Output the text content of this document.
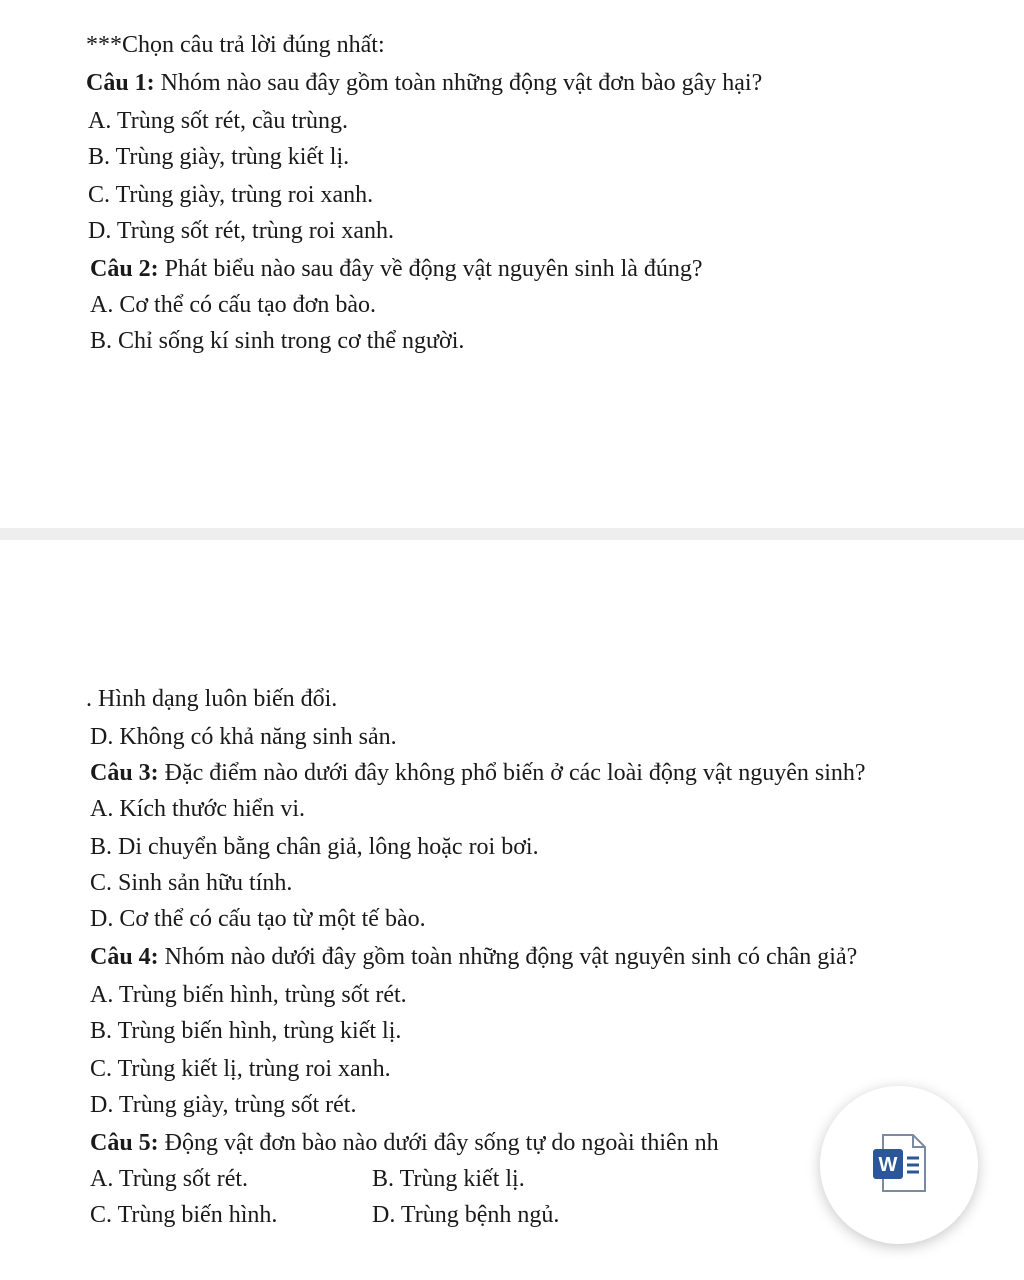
***Chọn câu trả lời đúng nhất:
Câu 1: Nhóm nào sau đây gồm toàn những động vật đơn bào gây hại?
A. Trùng sốt rét, cầu trùng.
B. Trùng giày, trùng kiết lị.
C. Trùng giày, trùng roi xanh.
D. Trùng sốt rét, trùng roi xanh.
Câu 2: Phát biểu nào sau đây về động vật nguyên sinh là đúng?
A. Cơ thể có cấu tạo đơn bào.
B. Chỉ sống kí sinh trong cơ thể người.
. Hình dạng luôn biến đổi.
D. Không có khả năng sinh sản.
Câu 3: Đặc điểm nào dưới đây không phổ biến ở các loài động vật nguyên sinh?
A. Kích thước hiển vi.
B. Di chuyển bằng chân giả, lông hoặc roi bơi.
C. Sinh sản hữu tính.
D. Cơ thể có cấu tạo từ một tế bào.
Câu 4: Nhóm nào dưới đây gồm toàn những động vật nguyên sinh có chân giả?
A. Trùng biến hình, trùng sốt rét.
B. Trùng biến hình, trùng kiết lị.
C. Trùng kiết lị, trùng roi xanh.
D. Trùng giày, trùng sốt rét.
Câu 5: Động vật đơn bào nào dưới đây sống tự do ngoài thiên nh
A. Trùng sốt rét.	B. Trùng kiết lị.
C. Trùng biến hình.	D. Trùng bệnh ngủ.
W
